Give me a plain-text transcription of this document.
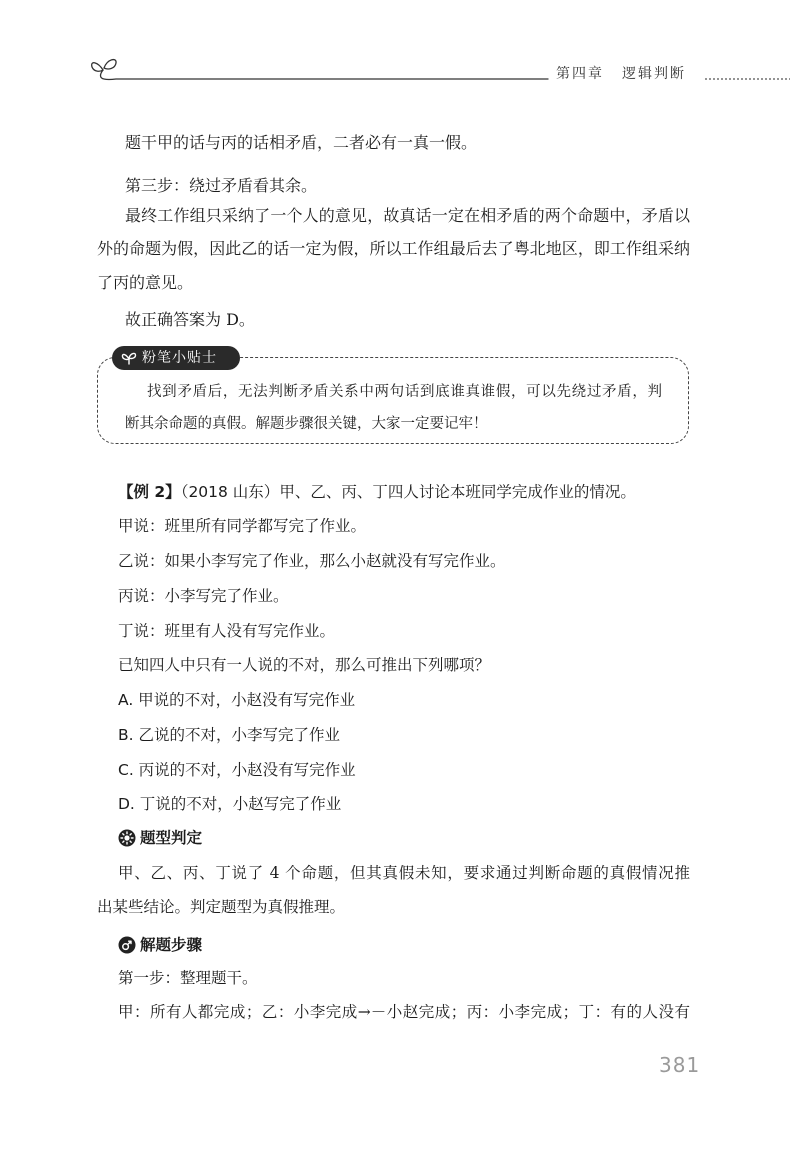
第四章 逻辑判断
题干甲的话与丙的话相矛盾，二者必有一真一假。
第三步：绕过矛盾看其余。
最终工作组只采纳了一个人的意见，故真话一定在相矛盾的两个命题中，矛盾以
外的命题为假，因此乙的话一定为假，所以工作组最后去了粤北地区，即工作组采纳
了丙的意见。
故正确答案为 D。
粉笔小贴士
找到矛盾后，无法判断矛盾关系中两句话到底谁真谁假，可以先绕过矛盾，判
断其余命题的真假。解题步骤很关键，大家一定要记牢！
【例 2】（2018 山东）甲、乙、丙、丁四人讨论本班同学完成作业的情况。
甲说：班里所有同学都写完了作业。
乙说：如果小李写完了作业，那么小赵就没有写完作业。
丙说：小李写完了作业。
丁说：班里有人没有写完作业。
已知四人中只有一人说的不对，那么可推出下列哪项？
A. 甲说的不对，小赵没有写完作业
B. 乙说的不对，小李写完了作业
C. 丙说的不对，小赵没有写完作业
D. 丁说的不对，小赵写完了作业
题型判定
甲、乙、丙、丁说了 4 个命题，但其真假未知，要求通过判断命题的真假情况推
出某些结论。判定题型为真假推理。
解题步骤
第一步：整理题干。
甲：所有人都完成；乙：小李完成→－小赵完成；丙：小李完成；丁：有的人没有
381
